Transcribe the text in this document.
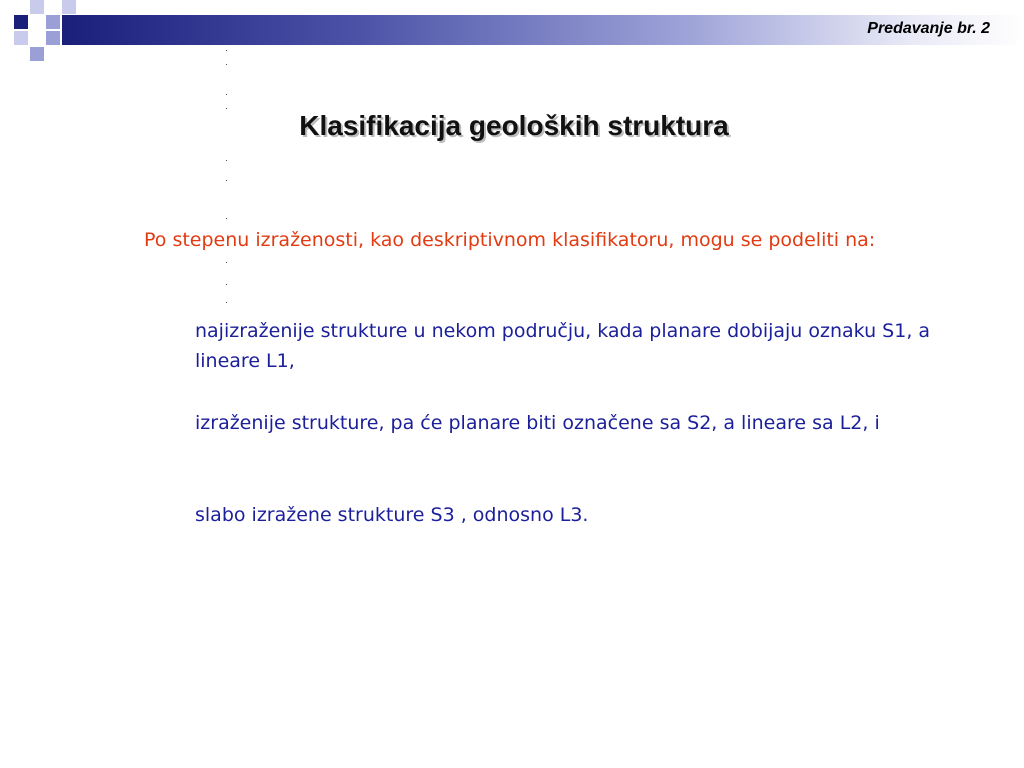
Predavanje br. 2

Klasifikacija geoloških struktura

Po stepenu izraženosti, kao deskriptivnom klasifikatoru, mogu se podeliti na:

najizraženije strukture u nekom području, kada planare dobijaju oznaku S1, a lineare L1,

izraženije strukture, pa će planare biti označene sa S2, a lineare sa L2, i

slabo izražene strukture S3 , odnosno L3.
